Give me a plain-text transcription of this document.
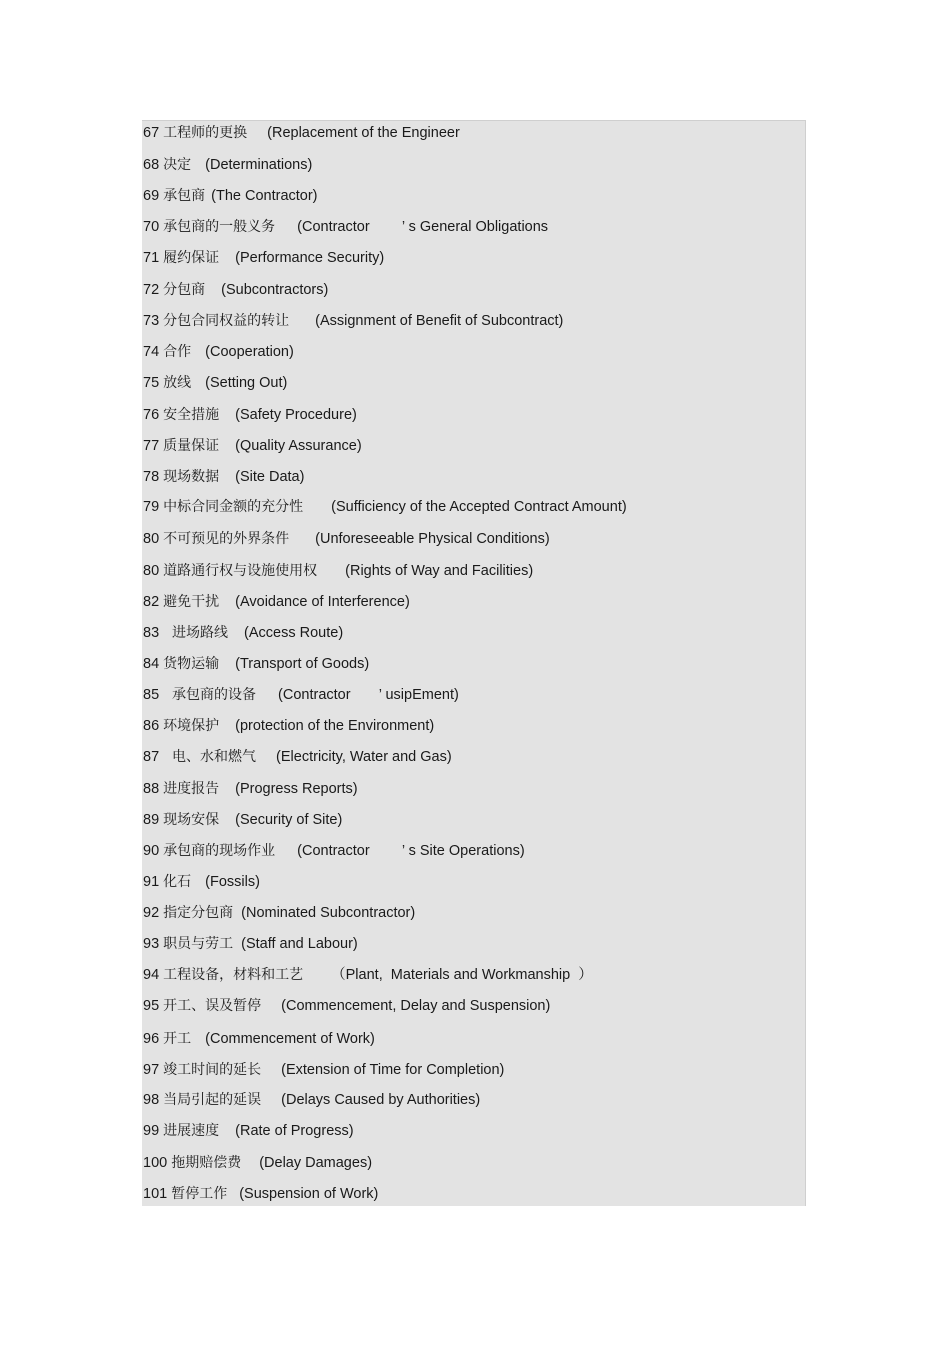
67 工程师的更换 (Replacement of the Engineer
68 决定 (Determinations)
69 承包商 (The Contractor)
70 承包商的一般义务 (Contractor        ’ s General Obligations
71 履约保证 (Performance Security)
72 分包商 (Subcontractors)
73 分包合同权益的转让 (Assignment of Benefit of Subcontract)
74 合作 (Cooperation)
75 放线 (Setting Out)
76 安全措施 (Safety Procedure)
77 质量保证 (Quality Assurance)
78 现场数据 (Site Data)
79 中标合同金额的充分性 (Sufficiency of the Accepted Contract Amount)
80 不可预见的外界条件 (Unforeseeable Physical Conditions)
80 道路通行权与设施使用权 (Rights of Way and Facilities)
82 避免干扰 (Avoidance of Interference)
83  进场路线 (Access Route)
84 货物运输 (Transport of Goods)
85  承包商的设备 (Contractor       ’ usipEment)
86 环境保护 (protection of the Environment)
87  电、水和燃气 (Electricity, Water and Gas)
88 进度报告 (Progress Reports)
89 现场安保 (Security of Site)
90 承包商的现场作业 (Contractor        ’ s Site Operations)
91 化石 (Fossils)
92 指定分包商 (Nominated Subcontractor)
93 职员与劳工 (Staff and Labour)
94 工程设备，材料和工艺 （Plant,  Materials and Workmanship  ）
95 开工、误及暂停 (Commencement, Delay and Suspension)
96 开工 (Commencement of Work)
97 竣工时间的延长 (Extension of Time for Completion)
98 当局引起的延误 (Delays Caused by Authorities)
99 进展速度 (Rate of Progress)
100 拖期赔偿费 (Delay Damages)
101 暂停工作 (Suspension of Work)
